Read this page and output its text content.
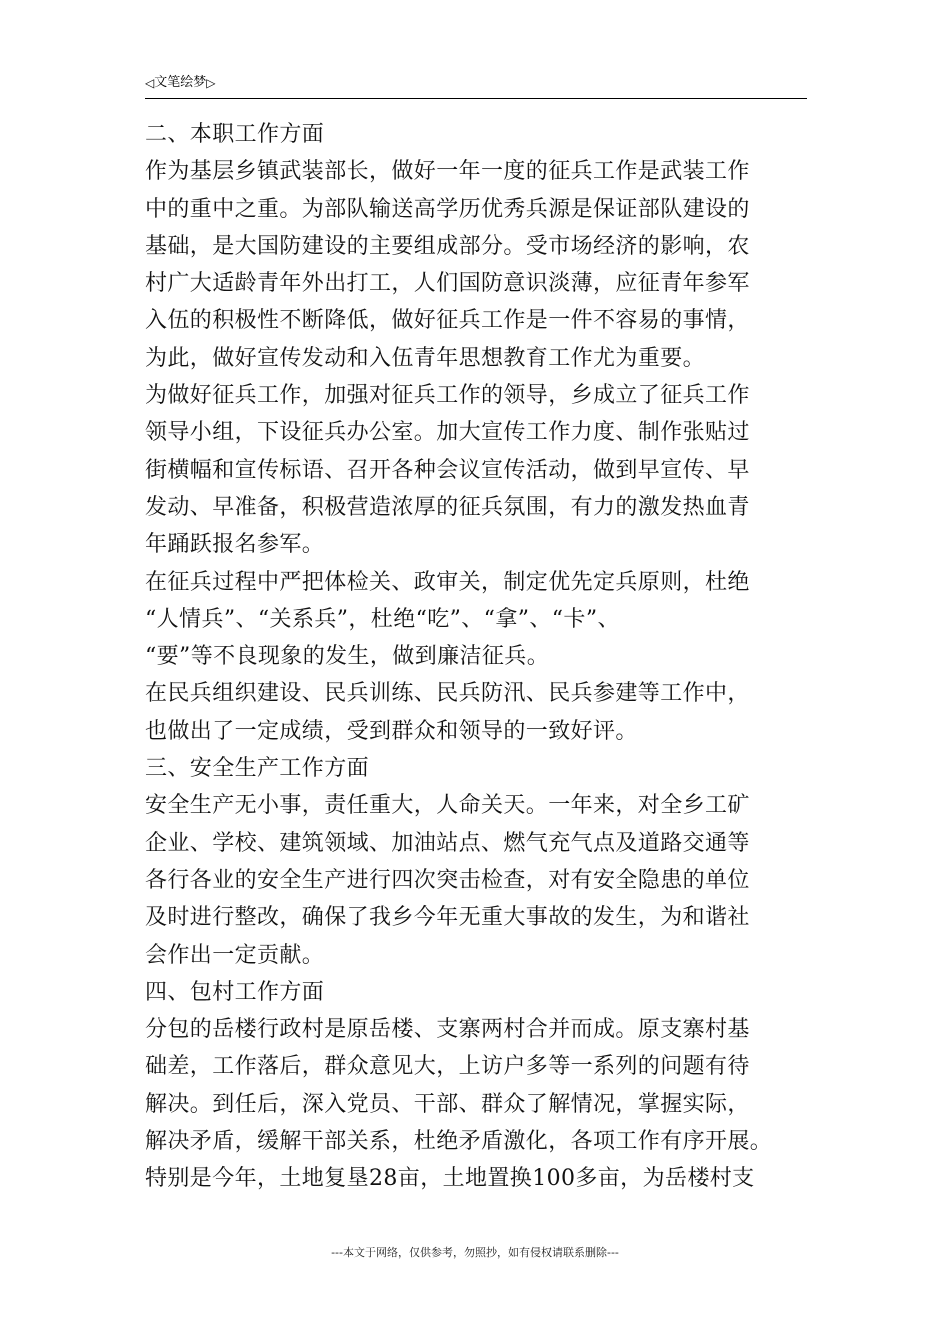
◁ 文笔绘梦 ▷
二、本职工作方面
作为基层乡镇武装部长，做好一年一度的征兵工作是武装工作
中的重中之重。为部队输送高学历优秀兵源是保证部队建设的
基础，是大国防建设的主要组成部分。受市场经济的影响，农
村广大适龄青年外出打工，人们国防意识淡薄，应征青年参军
入伍的积极性不断降低，做好征兵工作是一件不容易的事情，
为此，做好宣传发动和入伍青年思想教育工作尤为重要。
为做好征兵工作，加强对征兵工作的领导，乡成立了征兵工作
领导小组，下设征兵办公室。加大宣传工作力度、制作张贴过
街横幅和宣传标语、召开各种会议宣传活动，做到早宣传、早
发动、早准备，积极营造浓厚的征兵氛围，有力的激发热血青
年踊跃报名参军。
在征兵过程中严把体检关、政审关，制定优先定兵原则，杜绝
“人情兵”、“关系兵”，杜绝“吃”、“拿”、“卡”、
“要”等不良现象的发生，做到廉洁征兵。
在民兵组织建设、民兵训练、民兵防汛、民兵参建等工作中，
也做出了一定成绩，受到群众和领导的一致好评。
三、安全生产工作方面
安全生产无小事，责任重大，人命关天。一年来，对全乡工矿
企业、学校、建筑领域、加油站点、燃气充气点及道路交通等
各行各业的安全生产进行四次突击检查，对有安全隐患的单位
及时进行整改，确保了我乡今年无重大事故的发生，为和谐社
会作出一定贡献。
四、包村工作方面
分包的岳楼行政村是原岳楼、支寨两村合并而成。原支寨村基
础差，工作落后，群众意见大，上访户多等一系列的问题有待
解决。到任后，深入党员、干部、群众了解情况，掌握实际，
解决矛盾，缓解干部关系，杜绝矛盾激化，各项工作有序开展。
特别是今年，土地复垦28亩，土地置换100多亩，为岳楼村支
---本文于网络，仅供参考，勿照抄，如有侵权请联系删除---
